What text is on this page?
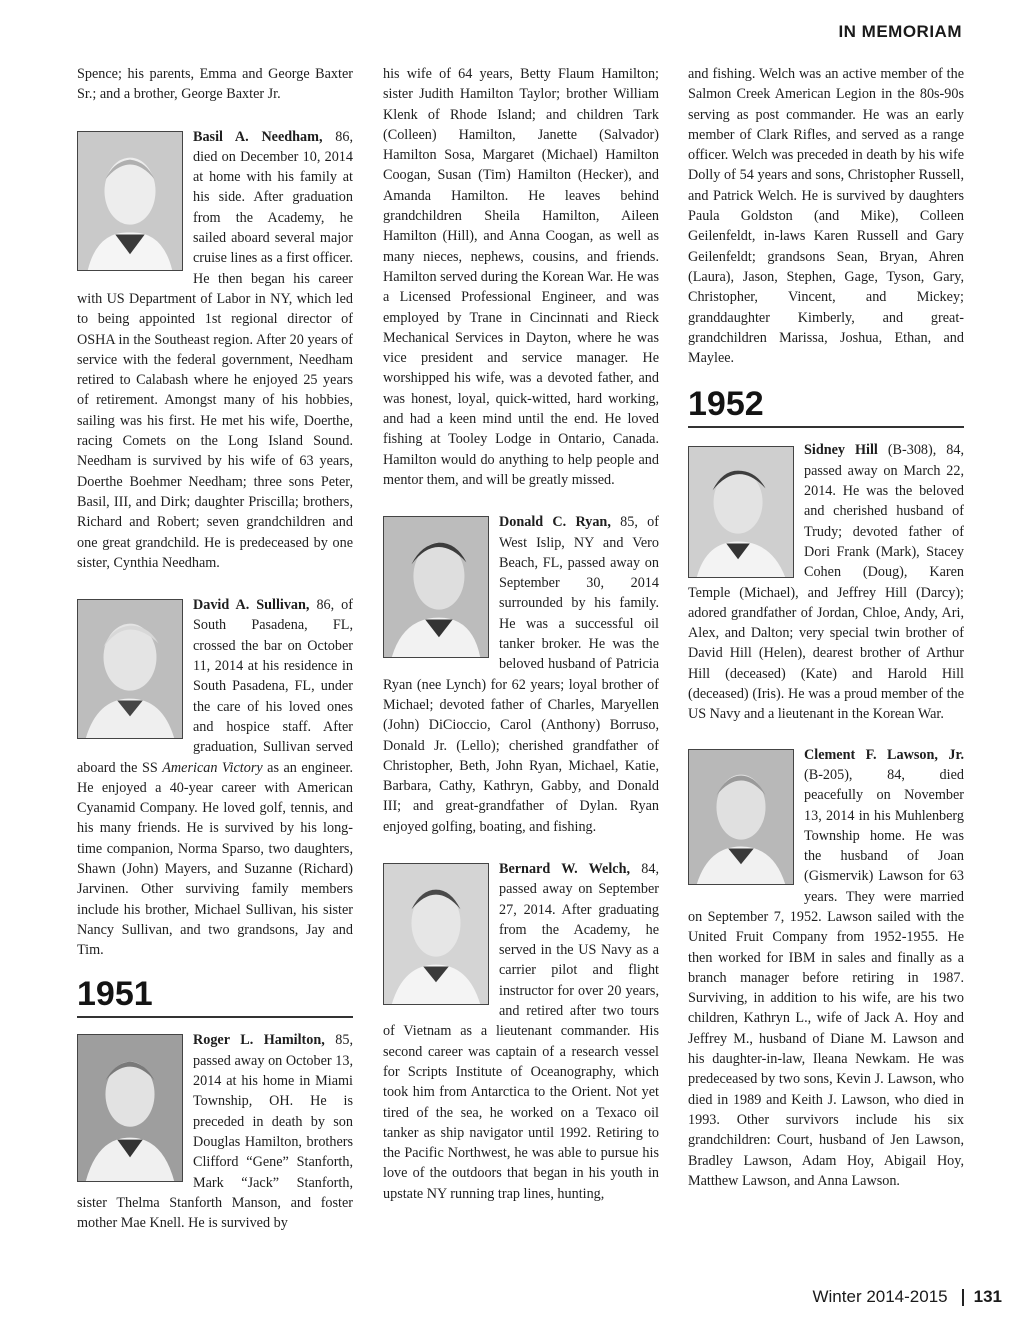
IN MEMORIAM

Spence; his parents, Emma and George Baxter Sr.; and a brother, George Baxter Jr.

Basil A. Needham, 86, died on December 10, 2014 at home with his family at his side. After graduation from the Academy, he sailed aboard several major cruise lines as a first officer. He then began his career with US Department of Labor in NY, which led to being appointed 1st regional director of OSHA in the Southeast region. After 20 years of service with the federal government, Needham retired to Calabash where he enjoyed 25 years of retirement. Amongst many of his hobbies, sailing was his first. He met his wife, Doerthe, racing Comets on the Long Island Sound. Needham is survived by his wife of 63 years, Doerthe Boehmer Needham; three sons Peter, Basil, III, and Dirk; daughter Priscilla; brothers, Richard and Robert; seven grandchildren and one great grandchild. He is predeceased by one sister, Cynthia Needham.

David A. Sullivan, 86, of South Pasadena, FL, crossed the bar on October 11, 2014 at his residence in South Pasadena, FL, under the care of his loved ones and hospice staff. After graduation, Sullivan served aboard the SS American Victory as an engineer. He enjoyed a 40-year career with American Cyanamid Company. He loved golf, tennis, and his many friends. He is survived by his long-time companion, Norma Sparso, two daughters, Shawn (John) Mayers, and Suzanne (Richard) Jarvinen. Other surviving family members include his brother, Michael Sullivan, his sister Nancy Sullivan, and two grandsons, Jay and Tim.

1951

Roger L. Hamilton, 85, passed away on October 13, 2014 at his home in Miami Township, OH. He is preceded in death by son Douglas Hamilton, brothers Clifford “Gene” Stanforth, Mark “Jack” Stanforth, sister Thelma Stanforth Manson, and foster mother Mae Knell. He is survived by

his wife of 64 years, Betty Flaum Hamilton; sister Judith Hamilton Taylor; brother William Klenk of Rhode Island; and children Tark (Colleen) Hamilton, Janette (Salvador) Hamilton Sosa, Margaret (Michael) Hamilton Coogan, Susan (Tim) Hamilton (Hecker), and Amanda Hamilton. He leaves behind grandchildren Sheila Hamilton, Aileen Hamilton (Hill), and Anna Coogan, as well as many nieces, nephews, cousins, and friends. Hamilton served during the Korean War. He was a Licensed Professional Engineer, and was employed by Trane in Cincinnati and Rieck Mechanical Services in Dayton, where he was vice president and service manager. He worshipped his wife, was a devoted father, and was honest, loyal, quick-witted, hard working, and had a keen mind until the end. He loved fishing at Tooley Lodge in Ontario, Canada. Hamilton would do anything to help people and mentor them, and will be greatly missed.

Donald C. Ryan, 85, of West Islip, NY and Vero Beach, FL, passed away on September 30, 2014 surrounded by his family. He was a successful oil tanker broker. He was the beloved husband of Patricia Ryan (nee Lynch) for 62 years; loyal brother of Michael; devoted father of Charles, Maryellen (John) DiCioccio, Carol (Anthony) Borruso, Donald Jr. (Lello); cherished grandfather of Christopher, Beth, John Ryan, Michael, Katie, Barbara, Cathy, Kathryn, Gabby, and Donald III; and great-grandfather of Dylan. Ryan enjoyed golfing, boating, and fishing.

Bernard W. Welch, 84, passed away on September 27, 2014. After graduating from the Academy, he served in the US Navy as a carrier pilot and flight instructor for over 20 years, and retired after two tours of Vietnam as a lieutenant commander. His second career was captain of a research vessel for Scripts Institute of Oceanography, which took him from Antarctica to the Orient. Not yet tired of the sea, he worked on a Texaco oil tanker as ship navigator until 1992. Retiring to the Pacific Northwest, he was able to pursue his love of the outdoors that began in his youth in upstate NY running trap lines, hunting,

and fishing. Welch was an active member of the Salmon Creek American Legion in the 80s-90s serving as post commander. He was an early member of Clark Rifles, and served as a range officer. Welch was preceded in death by his wife Dolly of 54 years and sons, Christopher Russell, and Patrick Welch. He is survived by daughters Paula Goldston (and Mike), Colleen Geilenfeldt, in-laws Karen Russell and Gary Geilenfeldt; grandsons Sean, Bryan, Ahren (Laura), Jason, Stephen, Gage, Tyson, Gary, Christopher, Vincent, and Mickey; granddaughter Kimberly, and great-grandchildren Marissa, Joshua, Ethan, and Maylee.

1952

Sidney Hill (B-308), 84, passed away on March 22, 2014. He was the beloved and cherished husband of Trudy; devoted father of Dori Frank (Mark), Stacey Cohen (Doug), Karen Temple (Michael), and Jeffrey Hill (Darcy); adored grandfather of Jordan, Chloe, Andy, Ari, Alex, and Dalton; very special twin brother of David Hill (Helen), dearest brother of Arthur Hill (deceased) (Kate) and Harold Hill (deceased) (Iris). He was a proud member of the US Navy and a lieutenant in the Korean War.

Clement F. Lawson, Jr. (B-205), 84, died peacefully on November 13, 2014 in his Muhlenberg Township home. He was the husband of Joan (Gismervik) Lawson for 63 years. They were married on September 7, 1952. Lawson sailed with the United Fruit Company from 1952-1955. He then worked for IBM in sales and finally as a branch manager before retiring in 1987. Surviving, in addition to his wife, are his two children, Kathryn L., wife of Jack A. Hoy and Jeffrey M., husband of Diane M. Lawson and his daughter-in-law, Ileana Newkam. He was predeceased by two sons, Kevin J. Lawson, who died in 1989 and Keith J. Lawson, who died in 1993. Other survivors include his six grandchildren: Court, husband of Jen Lawson, Bradley Lawson, Adam Hoy, Abigail Hoy, Matthew Lawson, and Anna Lawson.

Winter 2014-2015 131
